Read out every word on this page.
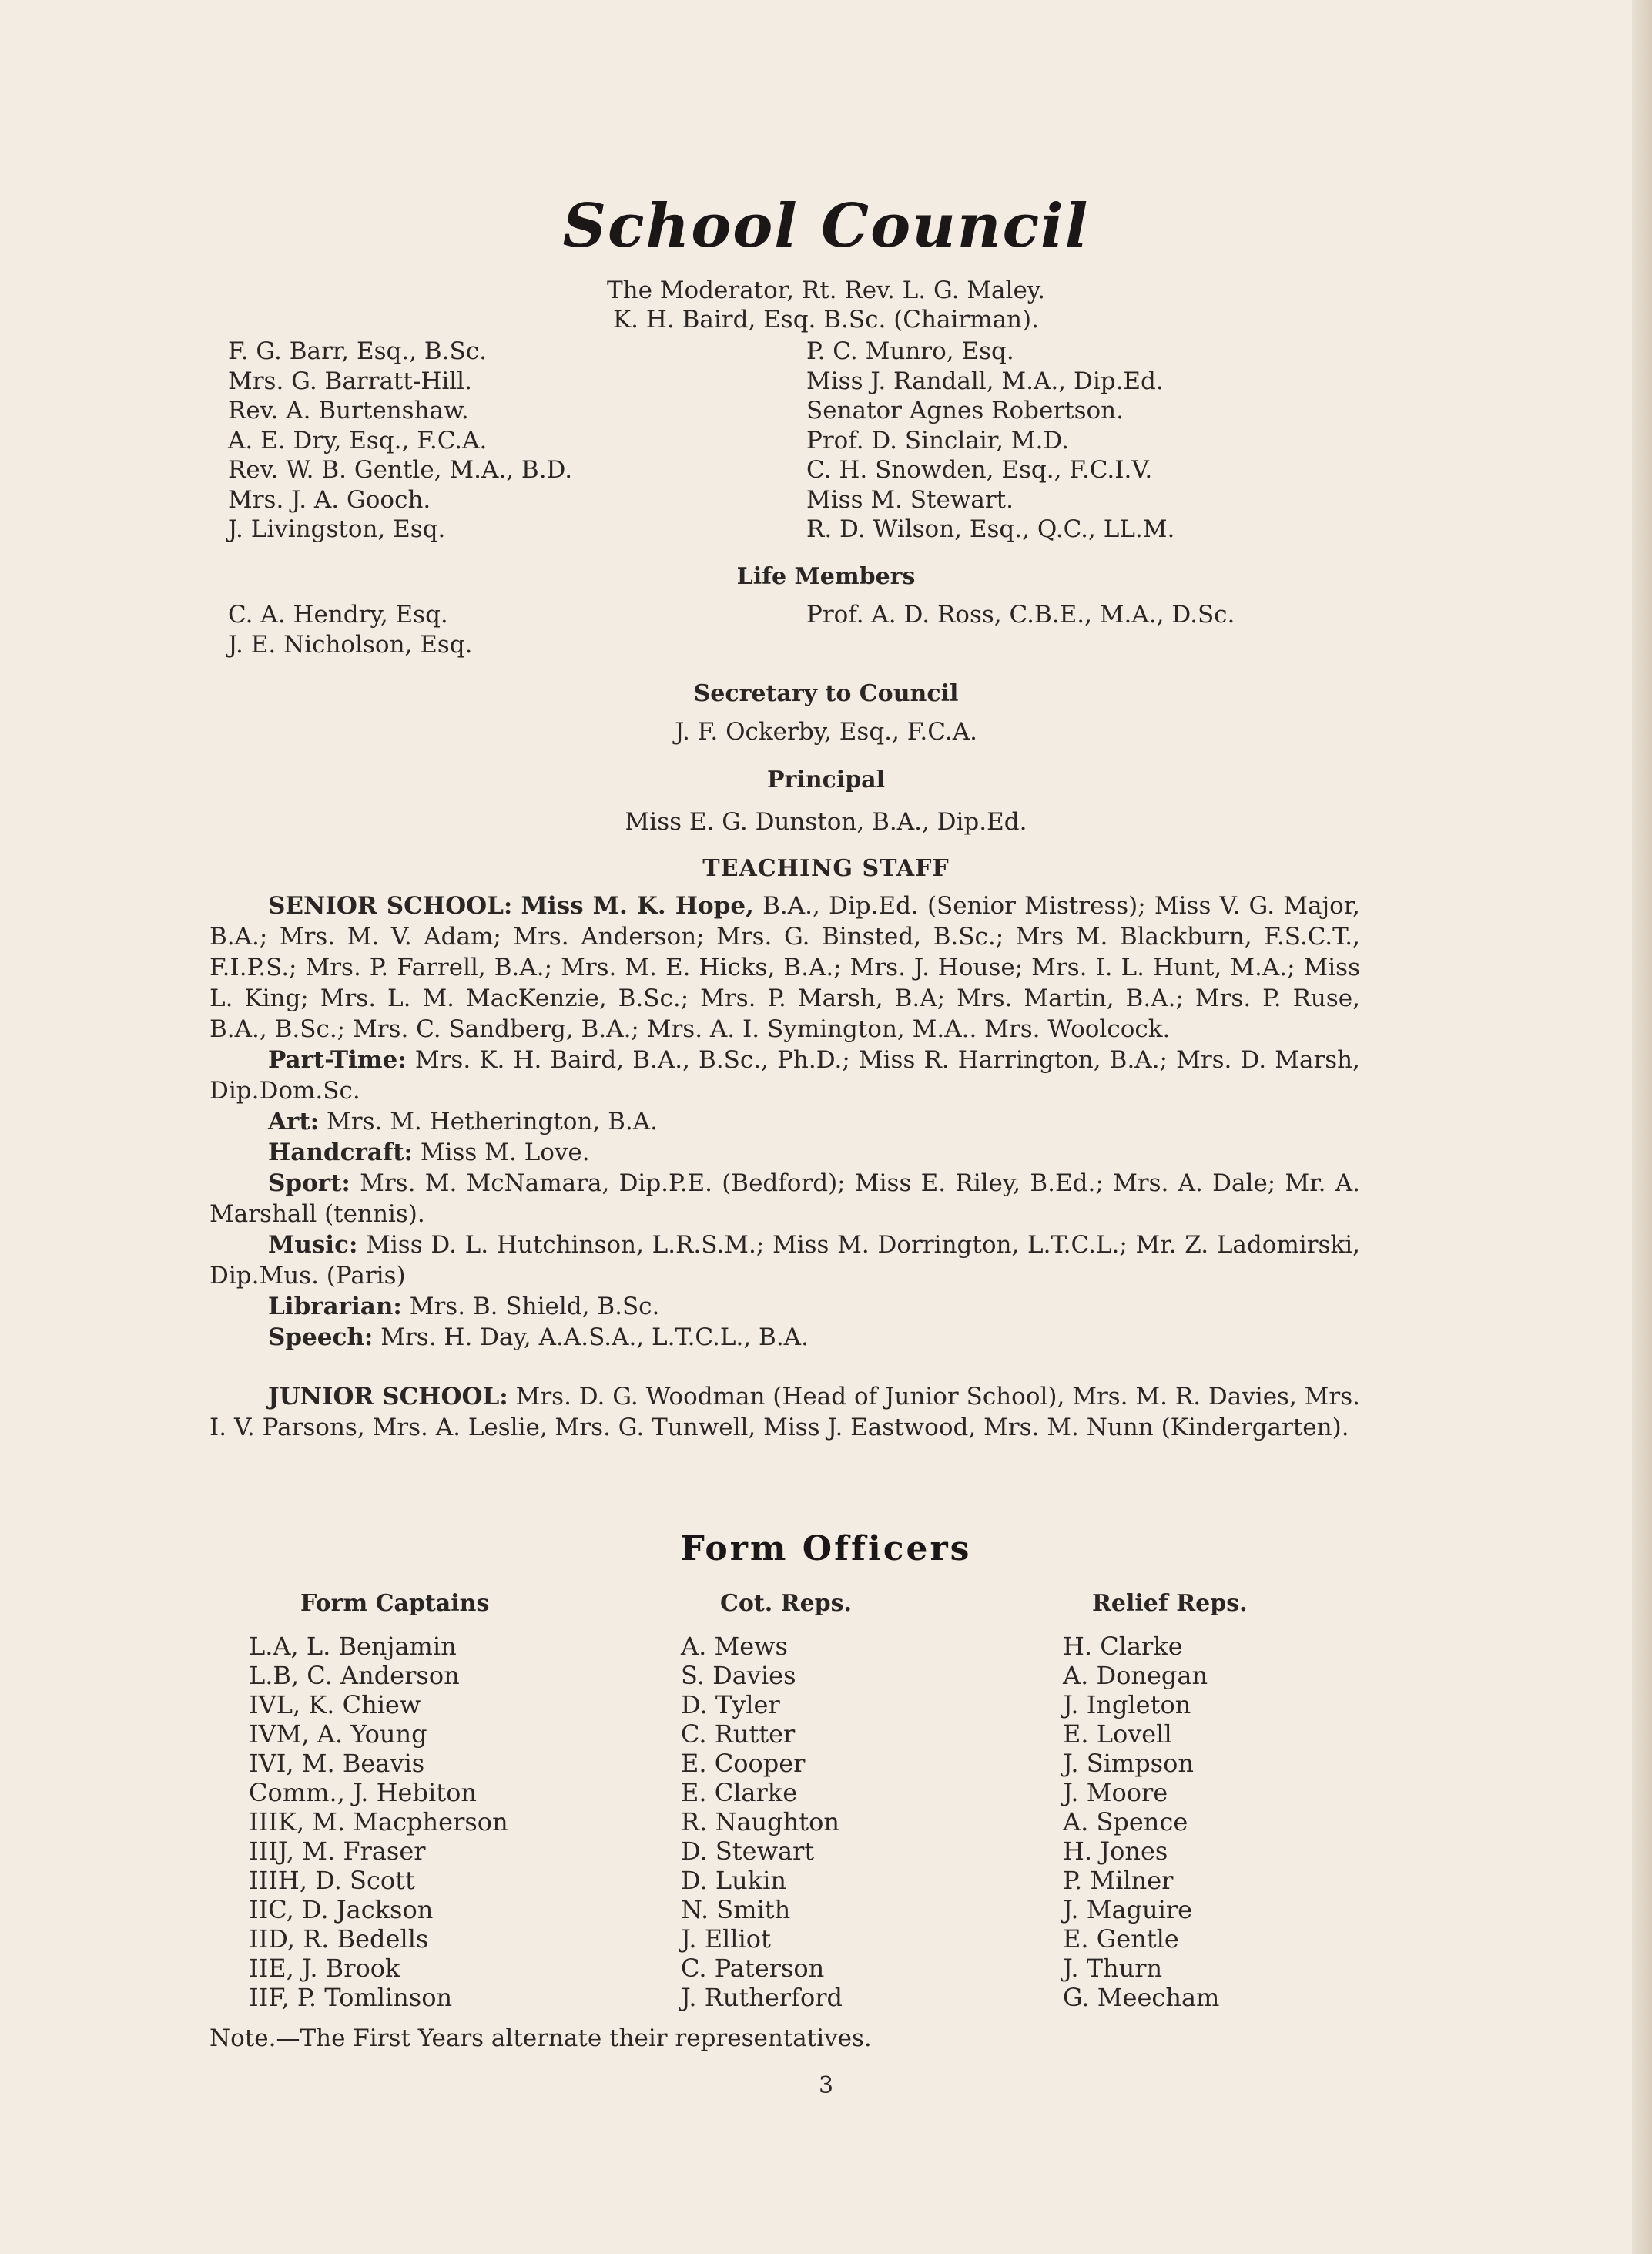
School Council

The Moderator, Rt. Rev. L. G. Maley.

K. H. Baird, Esq. B.Sc. (Chairman).

F. G. Barr, Esq., B.Sc.
Mrs. G. Barratt-Hill.
Rev. A. Burtenshaw.
A. E. Dry, Esq., F.C.A.
Rev. W. B. Gentle, M.A., B.D.
Mrs. J. A. Gooch.
J. Livingston, Esq.
P. C. Munro, Esq.
Miss J. Randall, M.A., Dip.Ed.
Senator Agnes Robertson.
Prof. D. Sinclair, M.D.
C. H. Snowden, Esq., F.C.I.V.
Miss M. Stewart.
R. D. Wilson, Esq., Q.C., LL.M.

Life Members

C. A. Hendry, Esq.
J. E. Nicholson, Esq.
Prof. A. D. Ross, C.B.E., M.A., D.Sc.

Secretary to Council

J. F. Ockerby, Esq., F.C.A.

Principal

Miss E. G. Dunston, B.A., Dip.Ed.

TEACHING STAFF

SENIOR SCHOOL: Miss M. K. Hope, B.A., Dip.Ed. (Senior Mistress); Miss V. G. Major, B.A.; Mrs. M. V. Adam; Mrs. Anderson; Mrs. G. Binsted, B.Sc.; Mrs M. Blackburn, F.S.C.T., F.I.P.S.; Mrs. P. Farrell, B.A.; Mrs. M. E. Hicks, B.A.; Mrs. J. House; Mrs. I. L. Hunt, M.A.; Miss L. King; Mrs. L. M. MacKenzie, B.Sc.; Mrs. P. Marsh, B.A; Mrs. Martin, B.A.; Mrs. P. Ruse, B.A., B.Sc.; Mrs. C. Sandberg, B.A.; Mrs. A. I. Symington, M.A.. Mrs. Woolcock.
Part-Time: Mrs. K. H. Baird, B.A., B.Sc., Ph.D.; Miss R. Harrington, B.A.; Mrs. D. Marsh, Dip.Dom.Sc.
Art: Mrs. M. Hetherington, B.A.
Handcraft: Miss M. Love.
Sport: Mrs. M. McNamara, Dip.P.E. (Bedford); Miss E. Riley, B.Ed.; Mrs. A. Dale; Mr. A. Marshall (tennis).
Music: Miss D. L. Hutchinson, L.R.S.M.; Miss M. Dorrington, L.T.C.L.; Mr. Z. Ladomirski, Dip.Mus. (Paris)
Librarian: Mrs. B. Shield, B.Sc.
Speech: Mrs. H. Day, A.A.S.A., L.T.C.L., B.A.
JUNIOR SCHOOL: Mrs. D. G. Woodman (Head of Junior School), Mrs. M. R. Davies, Mrs. I. V. Parsons, Mrs. A. Leslie, Mrs. G. Tunwell, Miss J. Eastwood, Mrs. M. Nunn (Kindergarten).
Form Officers
Form Captains	Cot. Reps.	Relief Reps.
L.A, L. Benjamin
L.B, C. Anderson
IVL, K. Chiew
IVM, A. Young
IVI, M. Beavis
Comm., J. Hebiton
IIIK, M. Macpherson
IIIJ, M. Fraser
IIIH, D. Scott
IIC, D. Jackson
IID, R. Bedells
IIE, J. Brook
IIF, P. Tomlinson
A. Mews
S. Davies
D. Tyler
C. Rutter
E. Cooper
E. Clarke
R. Naughton
D. Stewart
D. Lukin
N. Smith
J. Elliot
C. Paterson
J. Rutherford
H. Clarke
A. Donegan
J. Ingleton
E. Lovell
J. Simpson
J. Moore
A. Spence
H. Jones
P. Milner
J. Maguire
E. Gentle
J. Thurn
G. Meecham
Note.—The First Years alternate their representatives.
3
